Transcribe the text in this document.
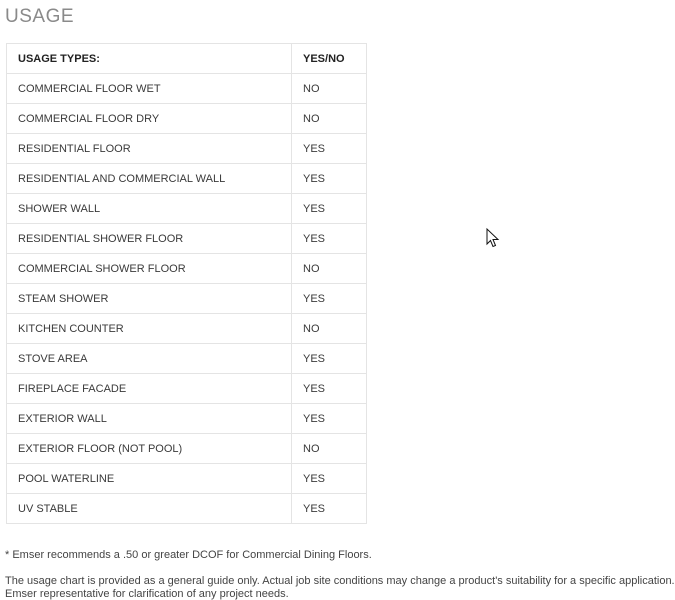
USAGE
USAGE TYPES:	YES/NO
COMMERCIAL FLOOR WET	NO
COMMERCIAL FLOOR DRY	NO
RESIDENTIAL FLOOR	YES
RESIDENTIAL AND COMMERCIAL WALL	YES
SHOWER WALL	YES
RESIDENTIAL SHOWER FLOOR	YES
COMMERCIAL SHOWER FLOOR	NO
STEAM SHOWER	YES
KITCHEN COUNTER	NO
STOVE AREA	YES
FIREPLACE FACADE	YES
EXTERIOR WALL	YES
EXTERIOR FLOOR (NOT POOL)	NO
POOL WATERLINE	YES
UV STABLE	YES

* Emser recommends a .50 or greater DCOF for Commercial Dining Floors.

The usage chart is provided as a general guide only. Actual job site conditions may change a product's suitability for a specific application.

Emser representative for clarification of any project needs.
